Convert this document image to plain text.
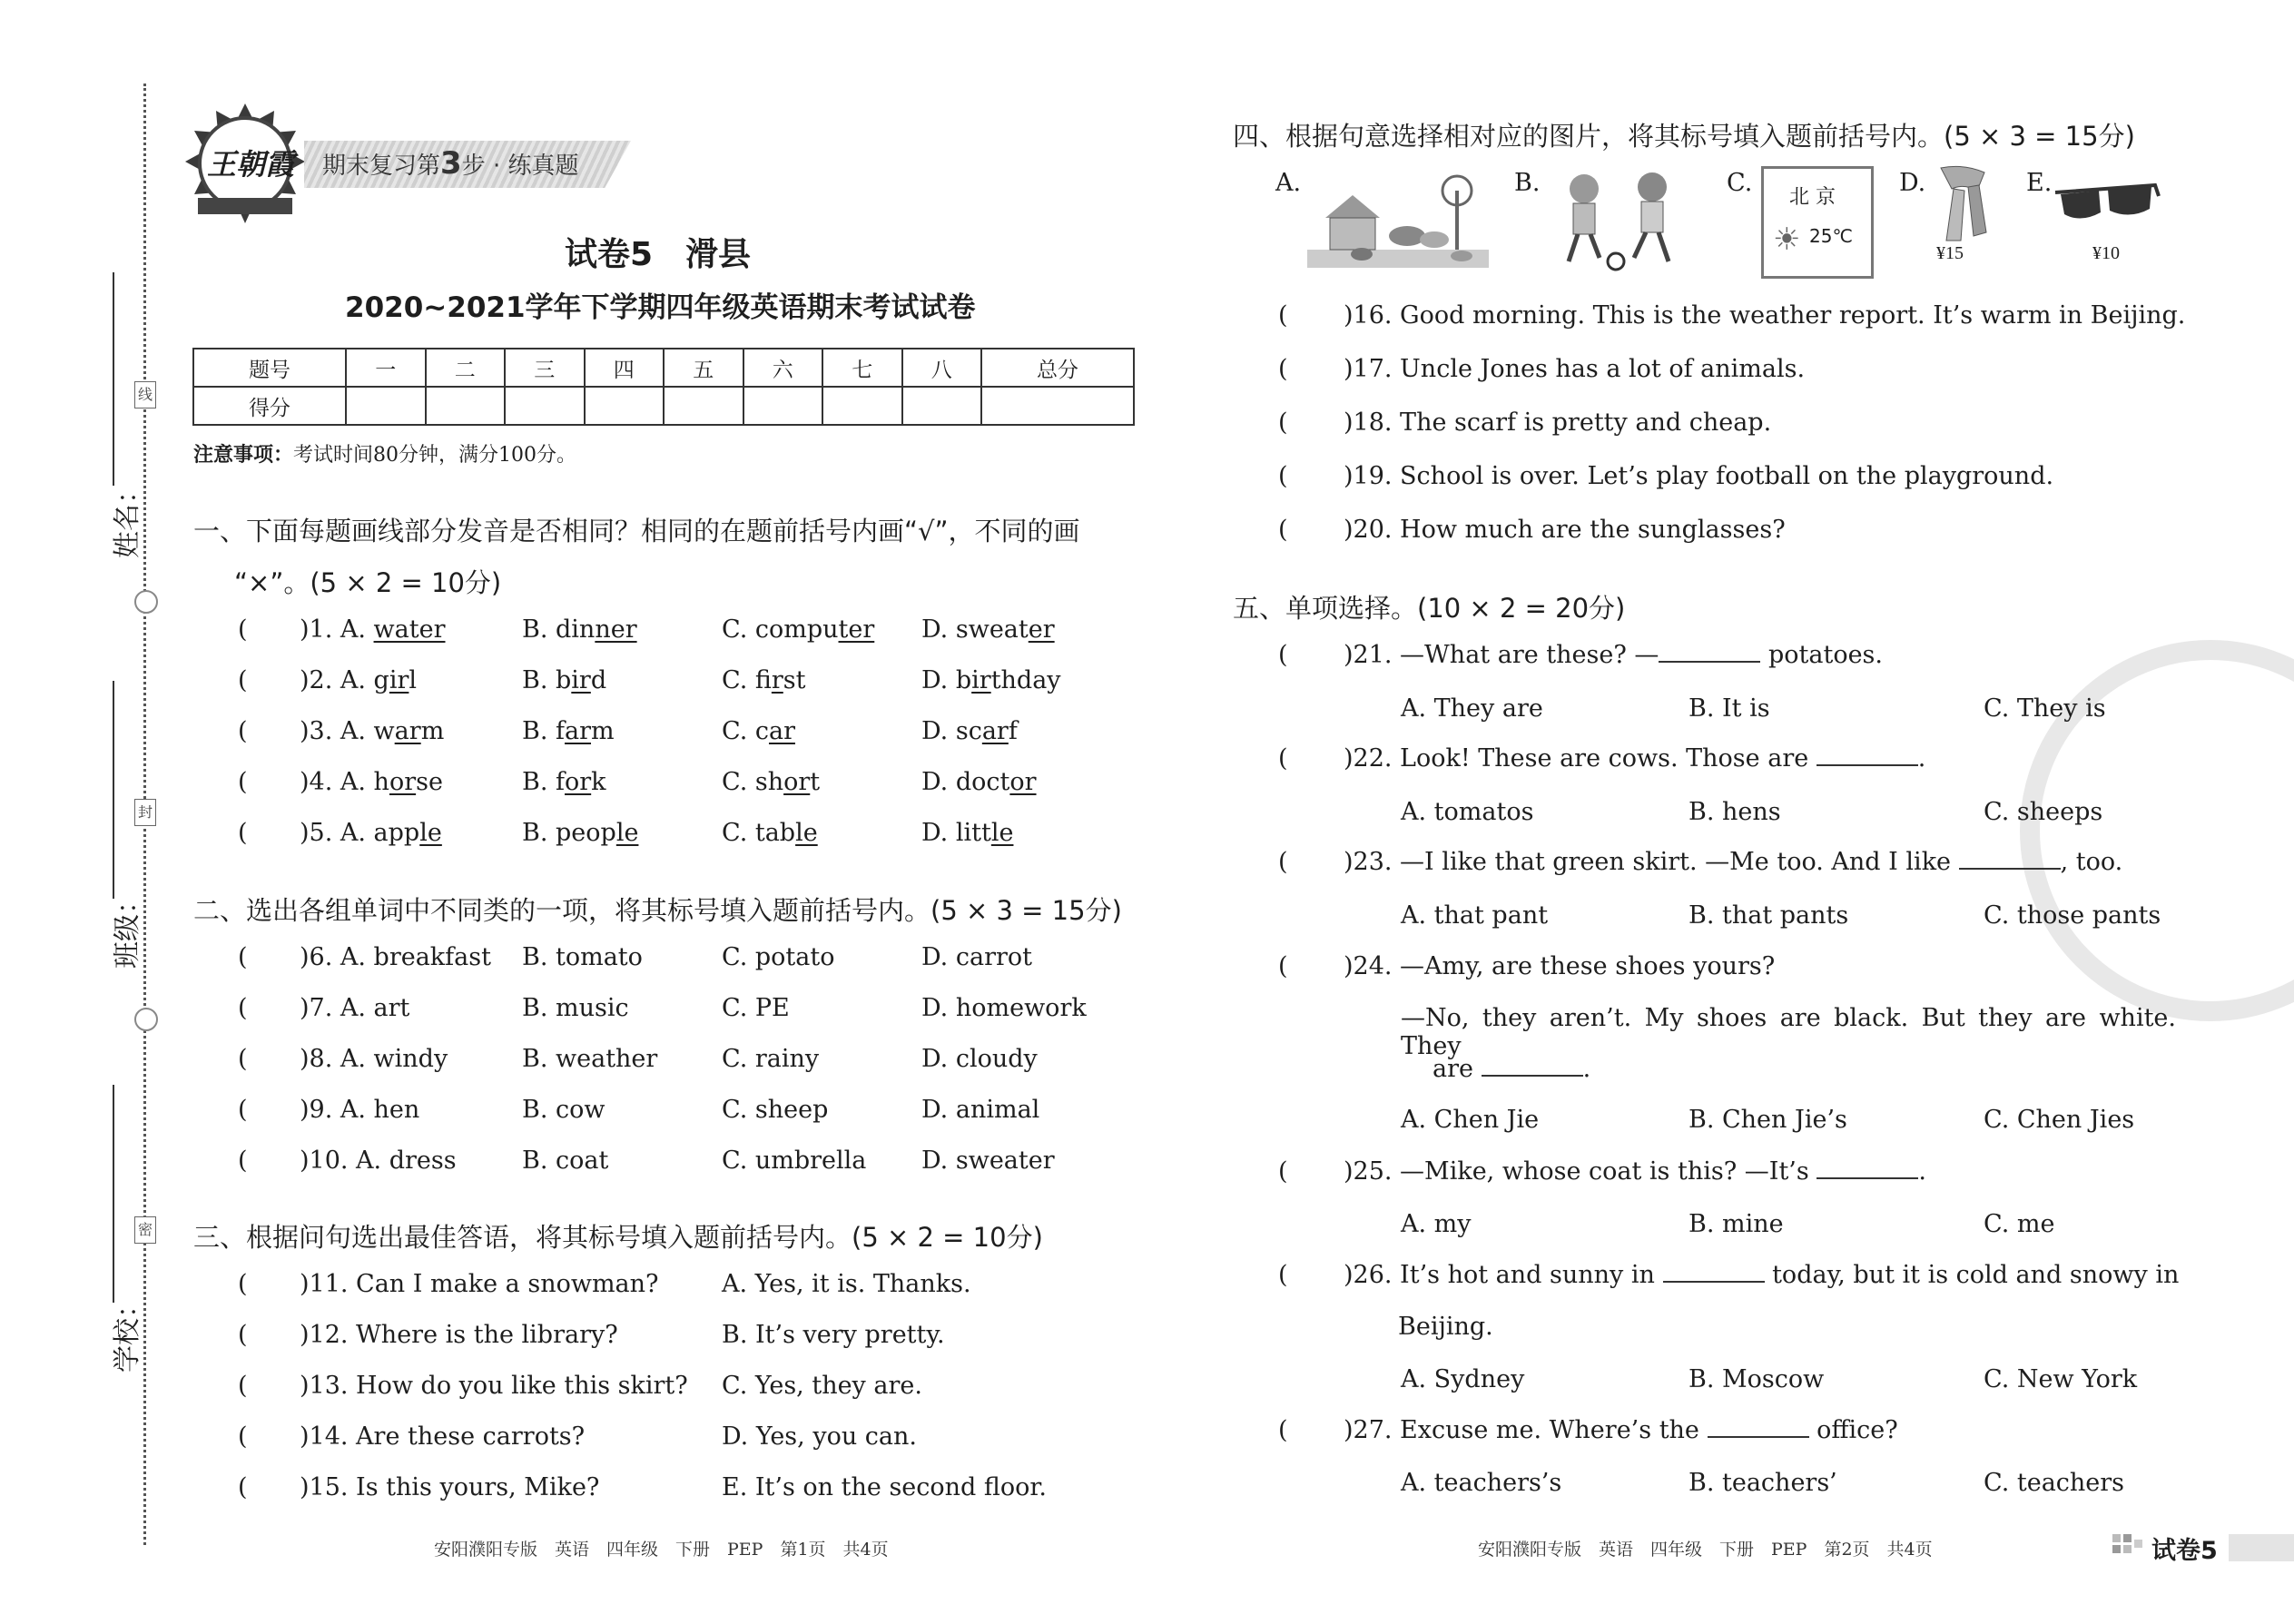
线
封
密
姓名：
班级：
学校：
王朝霞 期末复习第3步 · 练真题
试卷5　滑县
2020~2021学年下学期四年级英语期末考试试卷
题号	一	二	三	四	五	六	七	八	总分
得分									
注意事项：考试时间80分钟，满分100分。
一、下面每题画线部分发音是否相同？相同的在题前括号内画“√”，不同的画
“×”。(5 × 2 = 10分)
( )1. A. water	B. dinner	C. computer D. sweater
( )2. A. girl	B. bird	C. first	D. birthday
( )3. A. warm	B. farm	C. car	D. scarf
( )4. A. horse	B. fork	C. short	D. doctor
( )5. A. apple	B. people	C. table	D. little
二、选出各组单词中不同类的一项，将其标号填入题前括号内。(5 × 3 = 15分)
( )6. A. breakfast B. tomato	C. potato	D. carrot
( )7. A. art	B. music	C. PE	D. homework
( )8. A. windy	B. weather	C. rainy	D. cloudy
( )9. A. hen	B. cow	C. sheep	D. animal
( )10. A. dress	B. coat	C. umbrella D. sweater
三、根据问句选出最佳答语，将其标号填入题前括号内。(5 × 2 = 10分)
( )11. Can I make a snowman?	A. Yes, it is. Thanks.
( )12. Where is the library?	B. It’s very pretty.
( )13. How do you like this skirt? C. Yes, they are.
( )14. Are these carrots?	D. Yes, you can.
( )15. Is this yours, Mike?	E. It’s on the second floor.
安阳濮阳专版　英语　四年级　下册　PEP　第1页　共4页
四、根据句意选择相对应的图片，将其标号填入题前括号内。(5 × 3 = 15分)
A.	B.	C.
北 京
☀ 25℃
D.
¥15
E.
¥10
( )16. Good morning. This is the weather report. It’s warm in Beijing.
( )17. Uncle Jones has a lot of animals.
( )18. The scarf is pretty and cheap.
( )19. School is over. Let’s play football on the playground.
( )20. How much are the sunglasses?
五、单项选择。(10 × 2 = 20分)
( )21. —What are these? —	potatoes.
A. They are	B. It is	C. They is
( )22. Look! These are cows. Those are	.
A. tomatos	B. hens	C. sheeps
( )23. —I like that green skirt. —Me too. And I like	, too.
A. that pant	B. that pants	C. those pants
( )24. —Amy, are these shoes yours?
—No, they aren’t. My shoes are black. But they are white. They
are	.
A. Chen Jie	B. Chen Jie’s	C. Chen Jies
( )25. —Mike, whose coat is this? —It’s	.
A. my	B. mine	C. me
( )26. It’s hot and sunny in	today, but it is cold and snowy in
Beijing.
A. Sydney	B. Moscow	C. New York
( )27. Excuse me. Where’s the	office?
A. teachers’s	B. teachers’	C. teachers
安阳濮阳专版　英语　四年级　下册　PEP　第2页　共4页	试卷5
